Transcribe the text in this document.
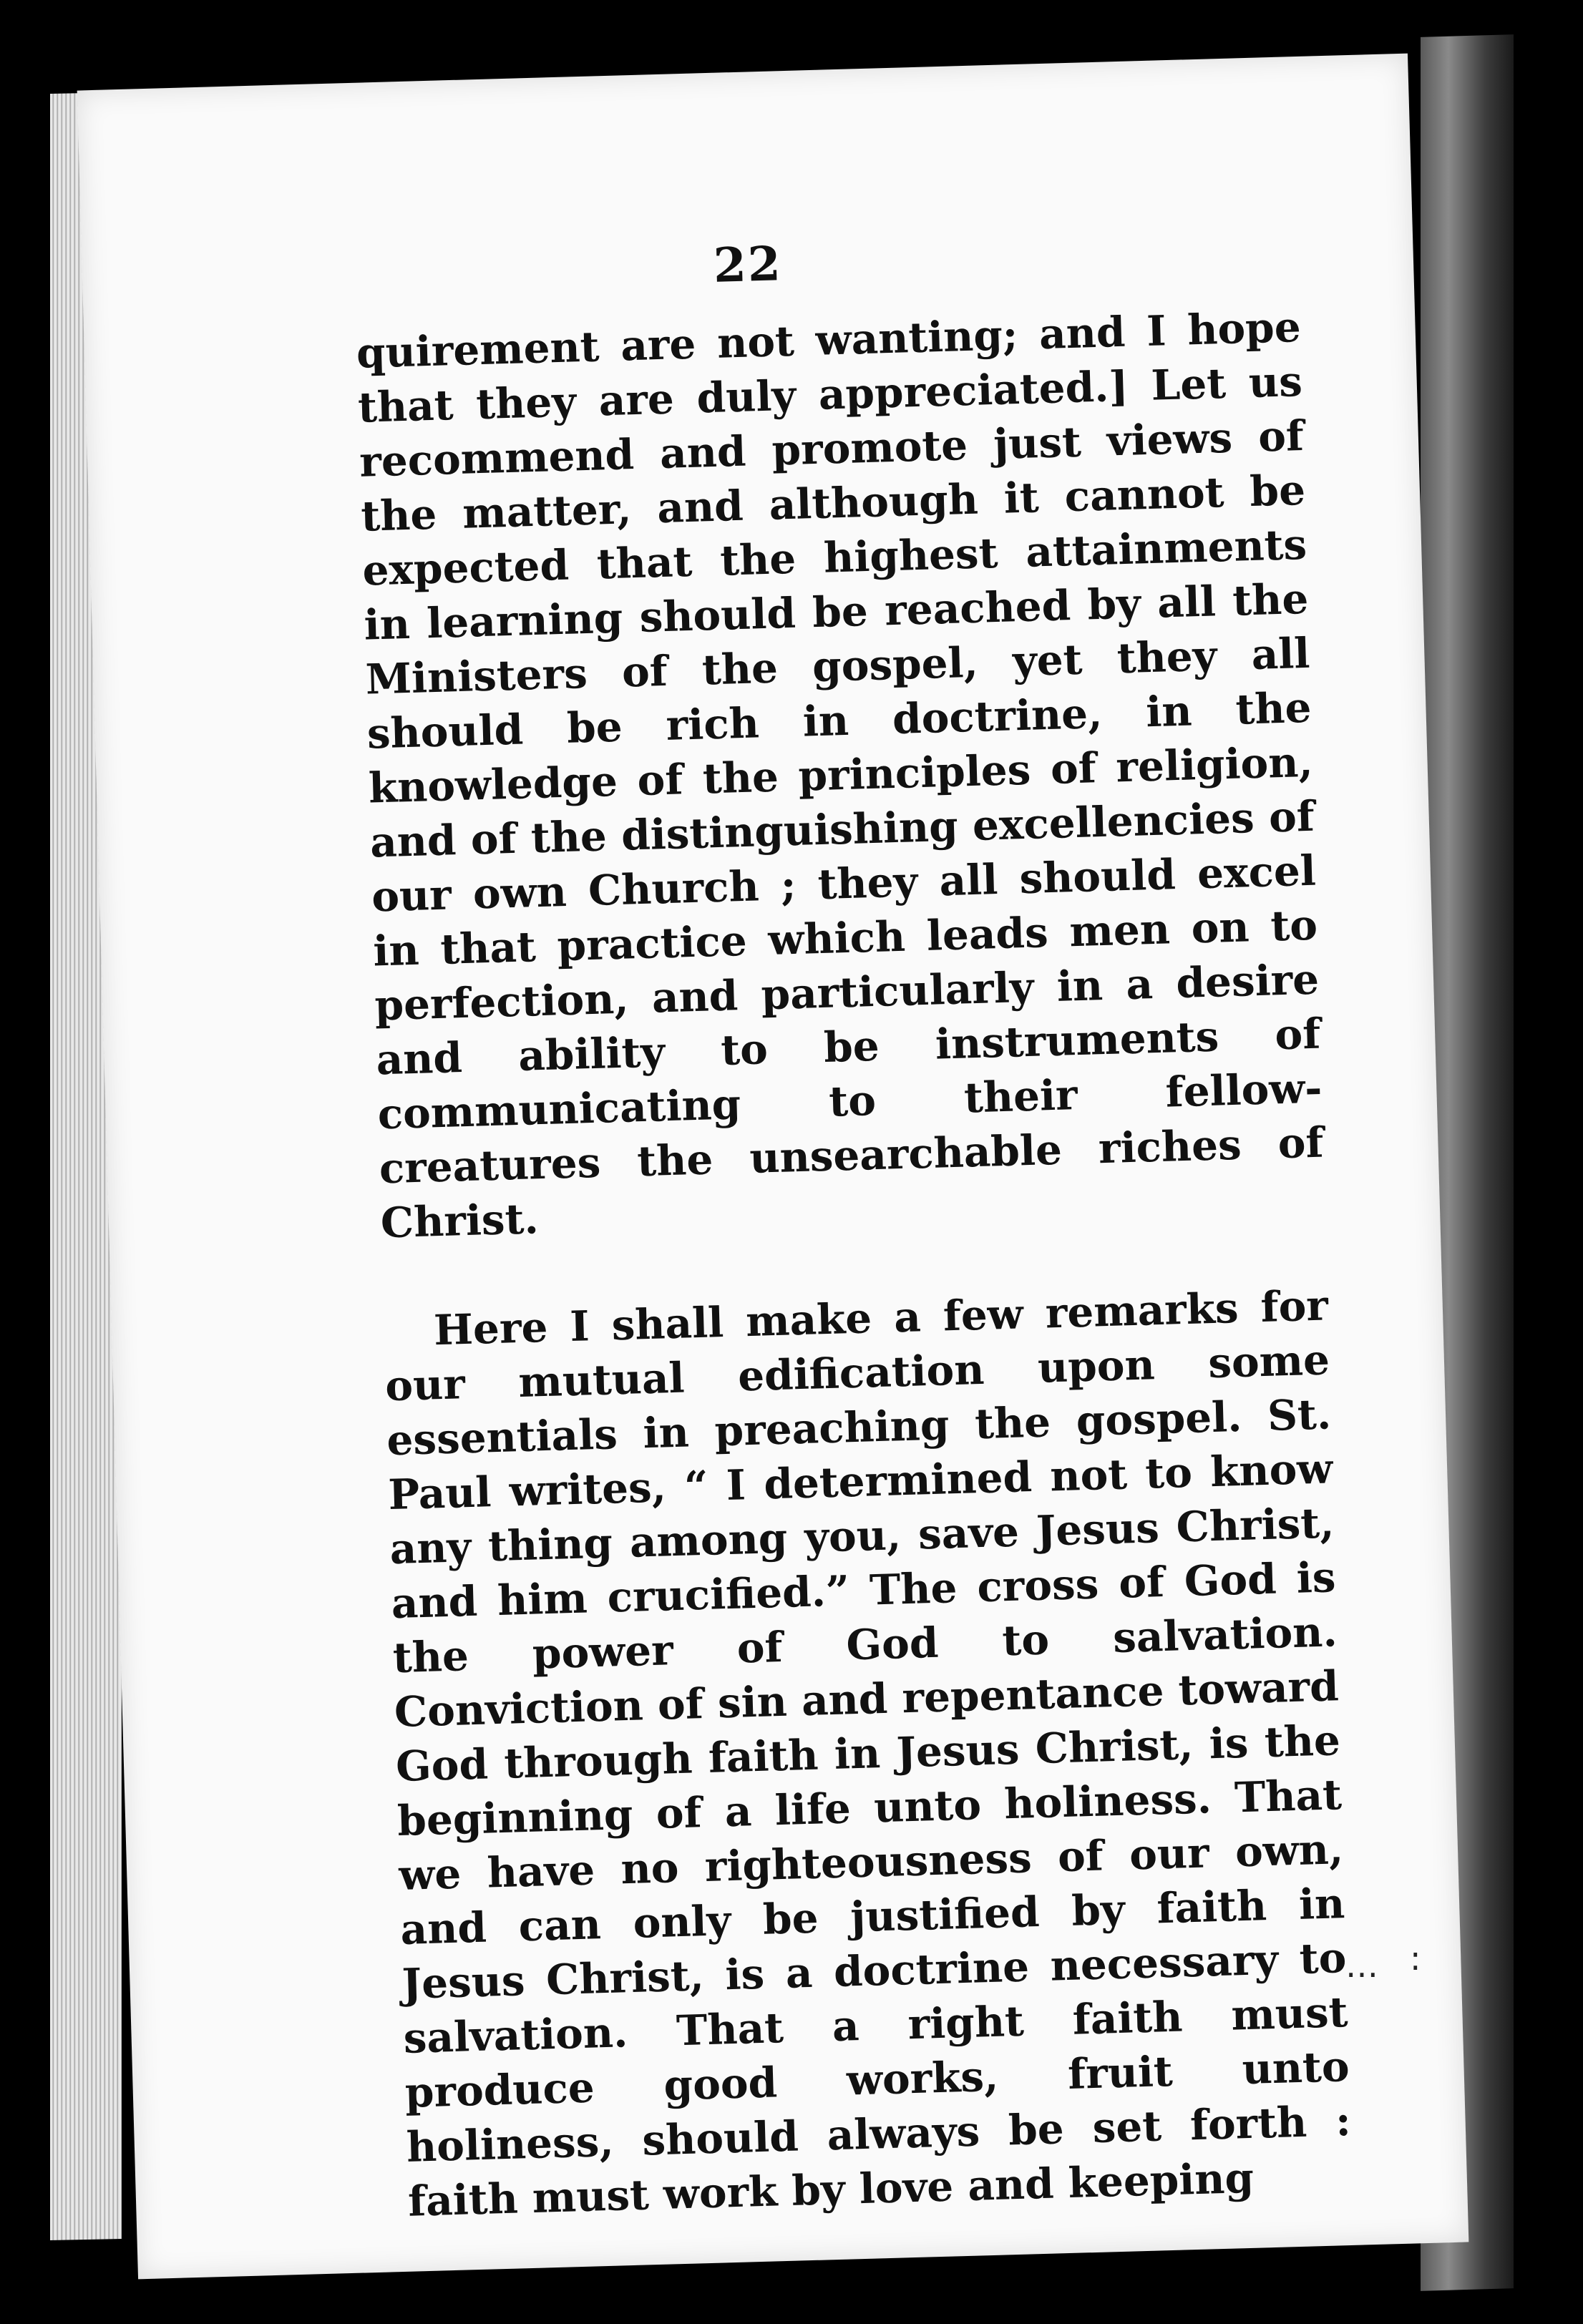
22

quirement are not wanting; and I hope that they are duly appreciated.] Let us recommend and promote just views of the matter, and although it cannot be expected that the highest attainments in learning should be reached by all the Ministers of the gospel, yet they all should be rich in doctrine, in the knowledge of the principles of religion, and of the distinguishing excellencies of our own Church ; they all should excel in that practice which leads men on to perfection, and particularly in a desire and ability to be instruments of communicating to their fellow-creatures the unsearchable riches of Christ.

Here I shall make a few remarks for our mutual edification upon some essentials in preaching the gospel. St. Paul writes, “ I determined not to know any thing among you, save Jesus Christ, and him crucified.” The cross of God is the power of God to salvation. Conviction of sin and repentance toward God through faith in Jesus Christ, is the beginning of a life unto holiness. That we have no righteousness of our own, and can only be justified by faith in Jesus Christ, is a doctrine necessary to salvation. That a right faith must produce good works, fruit unto holiness, should always be set forth : faith must work by love and keeping

… :
